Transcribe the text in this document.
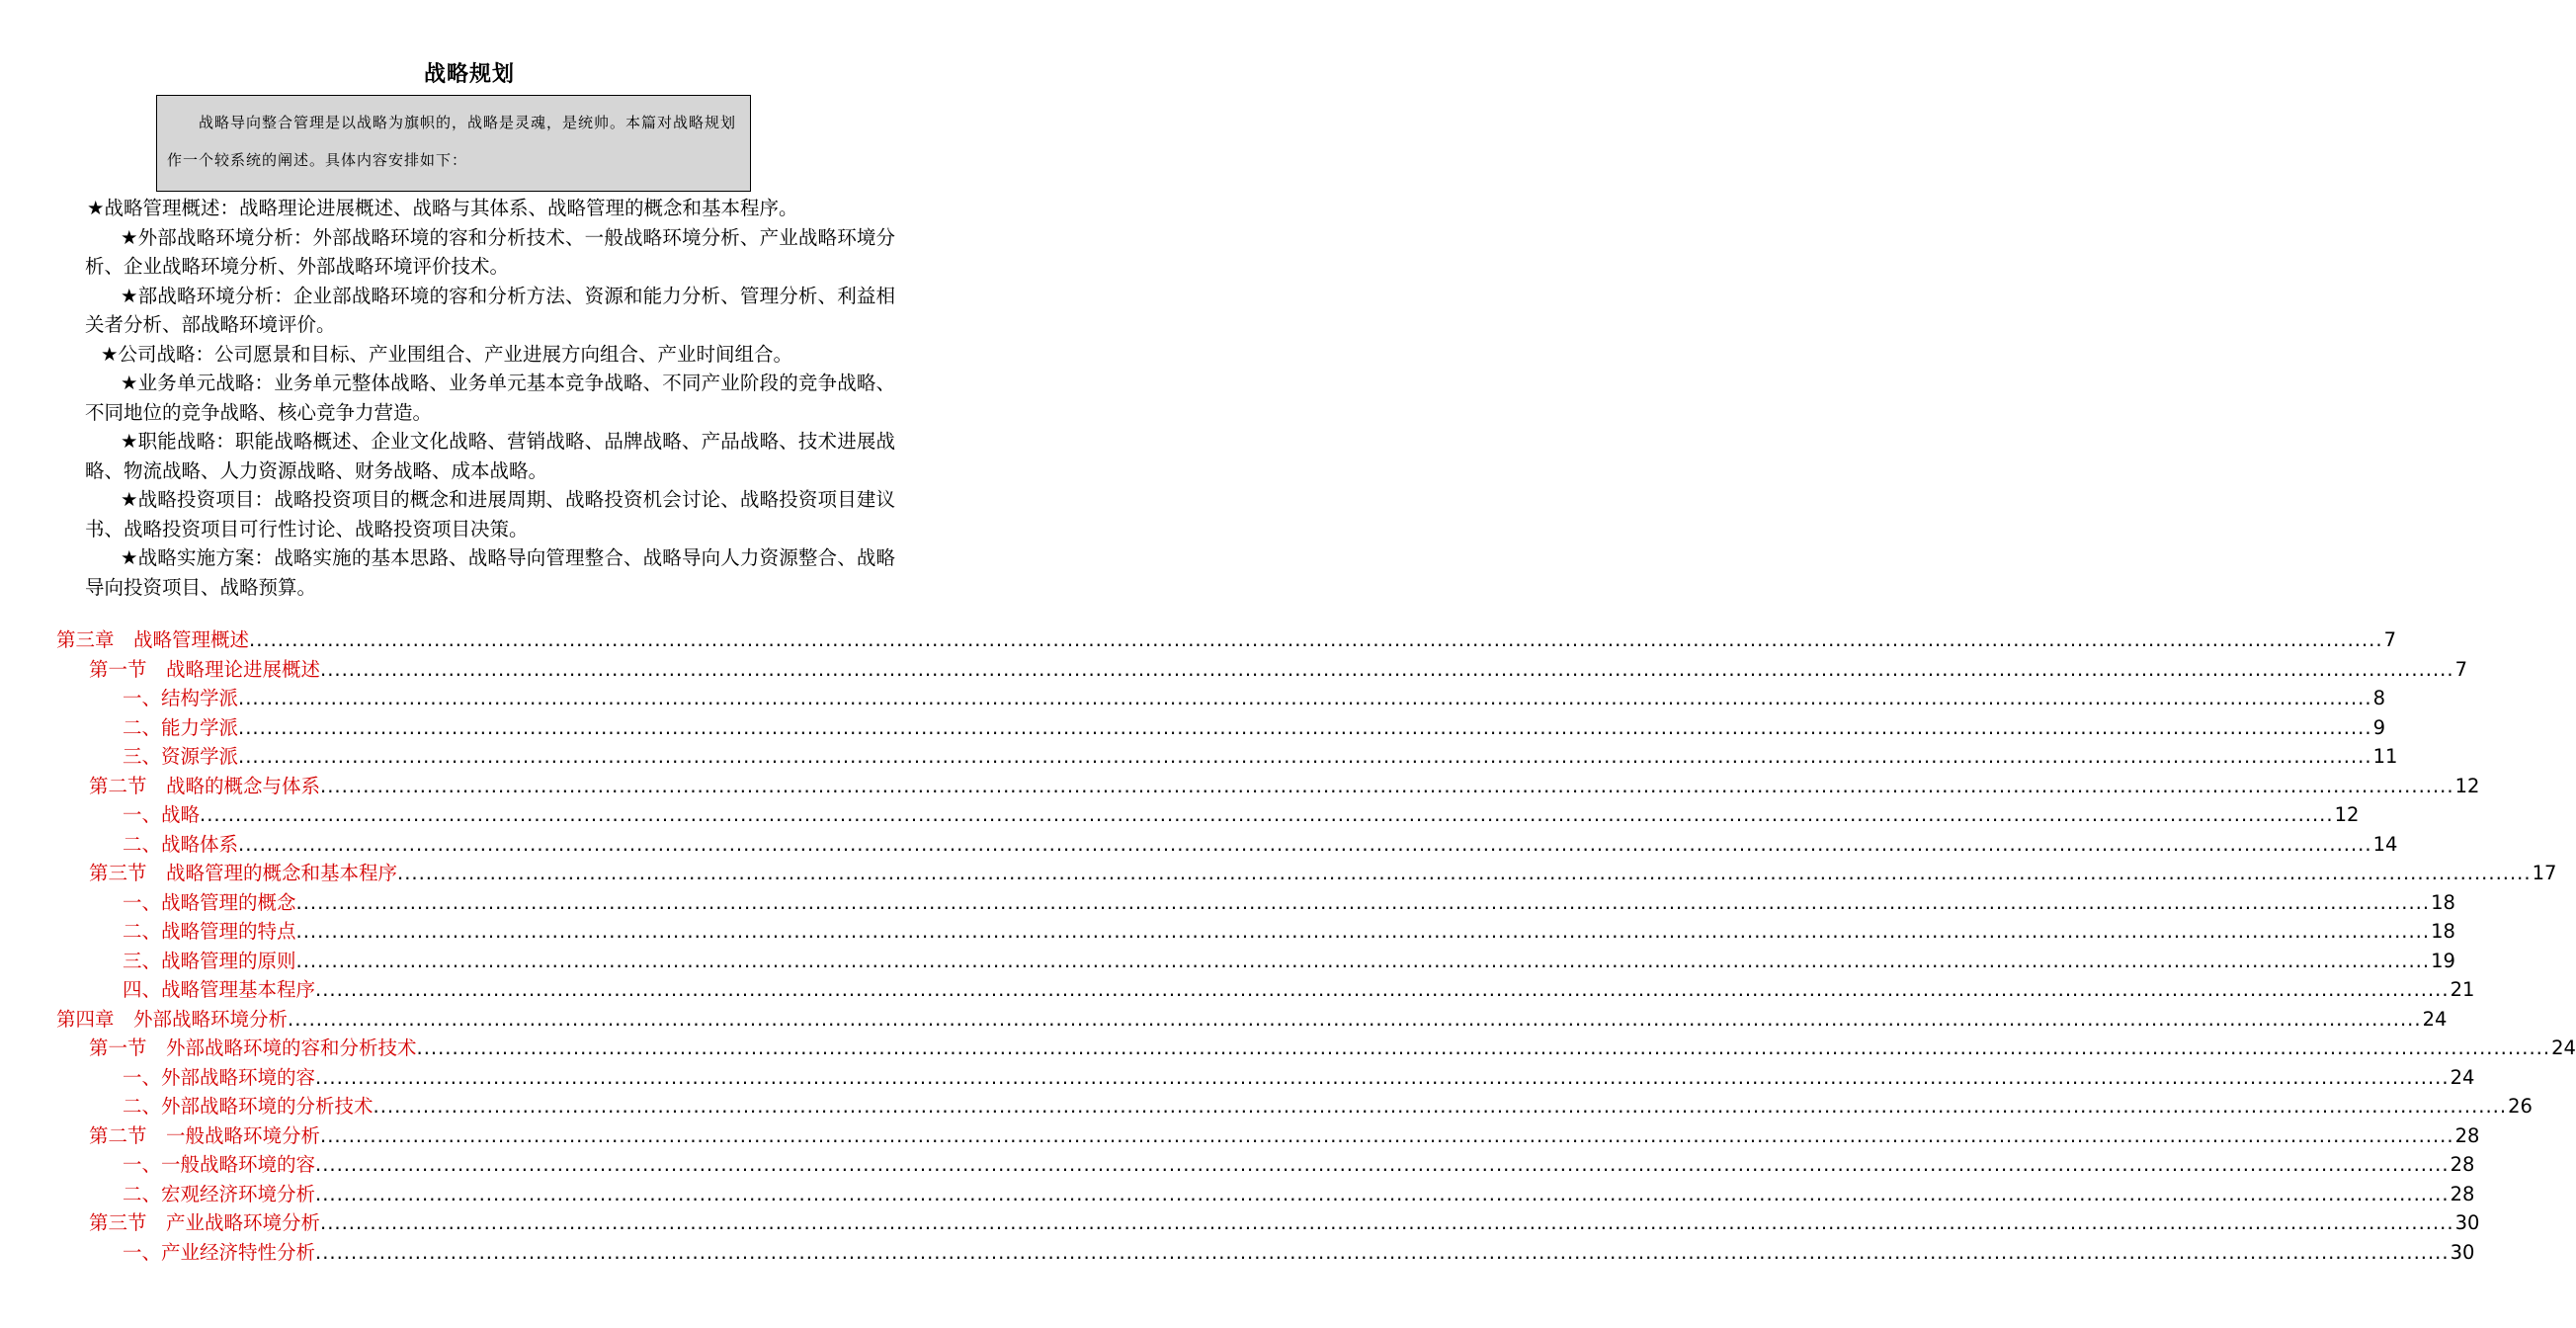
战略规划
战略导向整合管理是以战略为旗帜的，战略是灵魂，是统帅。本篇对战略规划作一个较系统的阐述。具体内容安排如下：
★战略管理概述：战略理论进展概述、战略与其体系、战略管理的概念和基本程序。
★外部战略环境分析：外部战略环境的容和分析技术、一般战略环境分析、产业战略环境分析、企业战略环境分析、外部战略环境评价技术。
★部战略环境分析：企业部战略环境的容和分析方法、资源和能力分析、管理分析、利益相关者分析、部战略环境评价。
★公司战略：公司愿景和目标、产业围组合、产业进展方向组合、产业时间组合。
★业务单元战略：业务单元整体战略、业务单元基本竞争战略、不同产业阶段的竞争战略、不同地位的竞争战略、核心竞争力营造。
★职能战略：职能战略概述、企业文化战略、营销战略、品牌战略、产品战略、技术进展战略、物流战略、人力资源战略、财务战略、成本战略。
★战略投资项目：战略投资项目的概念和进展周期、战略投资机会讨论、战略投资项目建议书、战略投资项目可行性讨论、战略投资项目决策。
★战略实施方案：战略实施的基本思路、战略导向管理整合、战略导向人力资源整合、战略导向投资项目、战略预算。
第三章　战略管理概述 ............................................................................................................................................................................................................................................................................................................ 7
第一节　战略理论进展概述 ............................................................................................................................................................................................................................................................................................................ 7
一、结构学派 ............................................................................................................................................................................................................................................................................................................ 8
二、能力学派 ............................................................................................................................................................................................................................................................................................................ 9
三、资源学派 ............................................................................................................................................................................................................................................................................................................ 11
第二节　战略的概念与体系 ............................................................................................................................................................................................................................................................................................................ 12
一、战略 ............................................................................................................................................................................................................................................................................................................ 12
二、战略体系 ............................................................................................................................................................................................................................................................................................................ 14
第三节　战略管理的概念和基本程序 ............................................................................................................................................................................................................................................................................................................ 17
一、战略管理的概念 ............................................................................................................................................................................................................................................................................................................ 18
二、战略管理的特点 ............................................................................................................................................................................................................................................................................................................ 18
三、战略管理的原则 ............................................................................................................................................................................................................................................................................................................ 19
四、战略管理基本程序 ............................................................................................................................................................................................................................................................................................................ 21
第四章　外部战略环境分析 ............................................................................................................................................................................................................................................................................................................ 24
第一节　外部战略环境的容和分析技术 ............................................................................................................................................................................................................................................................................................................ 24
一、外部战略环境的容 ............................................................................................................................................................................................................................................................................................................ 24
二、外部战略环境的分析技术 ............................................................................................................................................................................................................................................................................................................ 26
第二节　一般战略环境分析 ............................................................................................................................................................................................................................................................................................................ 28
一、一般战略环境的容 ............................................................................................................................................................................................................................................................................................................ 28
二、宏观经济环境分析 ............................................................................................................................................................................................................................................................................................................ 28
第三节　产业战略环境分析 ............................................................................................................................................................................................................................................................................................................ 30
一、产业经济特性分析 ............................................................................................................................................................................................................................................................................................................ 30
